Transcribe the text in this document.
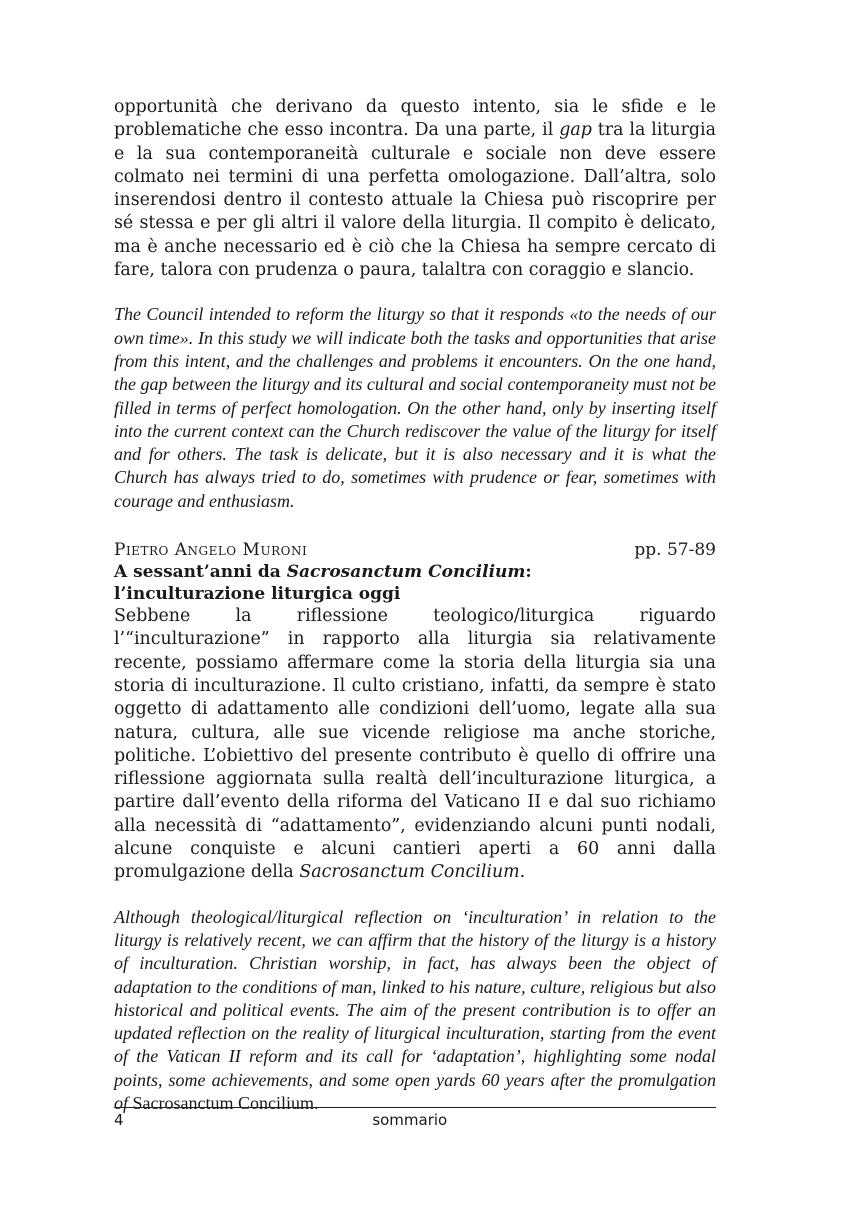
opportunità che derivano da questo intento, sia le sfide e le problematiche che esso incontra. Da una parte, il gap tra la liturgia e la sua contemporaneità culturale e sociale non deve essere colmato nei termini di una perfetta omologazione. Dall’altra, solo inserendosi dentro il contesto attuale la Chiesa può riscoprire per sé stessa e per gli altri il valore della liturgia. Il compito è delicato, ma è anche necessario ed è ciò che la Chiesa ha sempre cercato di fare, talora con prudenza o paura, talaltra con coraggio e slancio.

The Council intended to reform the liturgy so that it responds «to the needs of our own time». In this study we will indicate both the tasks and opportunities that arise from this intent, and the challenges and problems it encounters. On the one hand, the gap between the liturgy and its cultural and social contemporaneity must not be filled in terms of perfect homologation. On the other hand, only by inserting itself into the current context can the Church rediscover the value of the liturgy for itself and for others. The task is delicate, but it is also necessary and it is what the Church has always tried to do, sometimes with prudence or fear, sometimes with courage and enthusiasm.

Pietro Angelo Muroni	pp. 57-89
A sessant’anni da Sacrosanctum Concilium:
l’inculturazione liturgica oggi

Sebbene la riflessione teologico/liturgica riguardo l’“inculturazione” in rapporto alla liturgia sia relativamente recente, possiamo affermare come la storia della liturgia sia una storia di inculturazione. Il culto cristiano, infatti, da sempre è stato oggetto di adattamento alle condizioni dell’uomo, legate alla sua natura, cultura, alle sue vicende religiose ma anche storiche, politiche. L’obiettivo del presente contributo è quello di offrire una riflessione aggiornata sulla realtà dell’inculturazione liturgica, a partire dall’evento della riforma del Vaticano II e dal suo richiamo alla necessità di “adattamento”, evidenziando alcuni punti nodali, alcune conquiste e alcuni cantieri aperti a 60 anni dalla promulgazione della Sacrosanctum Concilium.

Although theological/liturgical reflection on ‘inculturation’ in relation to the liturgy is relatively recent, we can affirm that the history of the liturgy is a history of inculturation. Christian worship, in fact, has always been the object of adaptation to the conditions of man, linked to his nature, culture, religious but also historical and political events. The aim of the present contribution is to offer an updated reflection on the reality of liturgical inculturation, starting from the event of the Vatican II reform and its call for ‘adaptation’, highlighting some nodal points, some achievements, and some open yards 60 years after the promulgation of Sacrosanctum Concilium.

4	sommario
